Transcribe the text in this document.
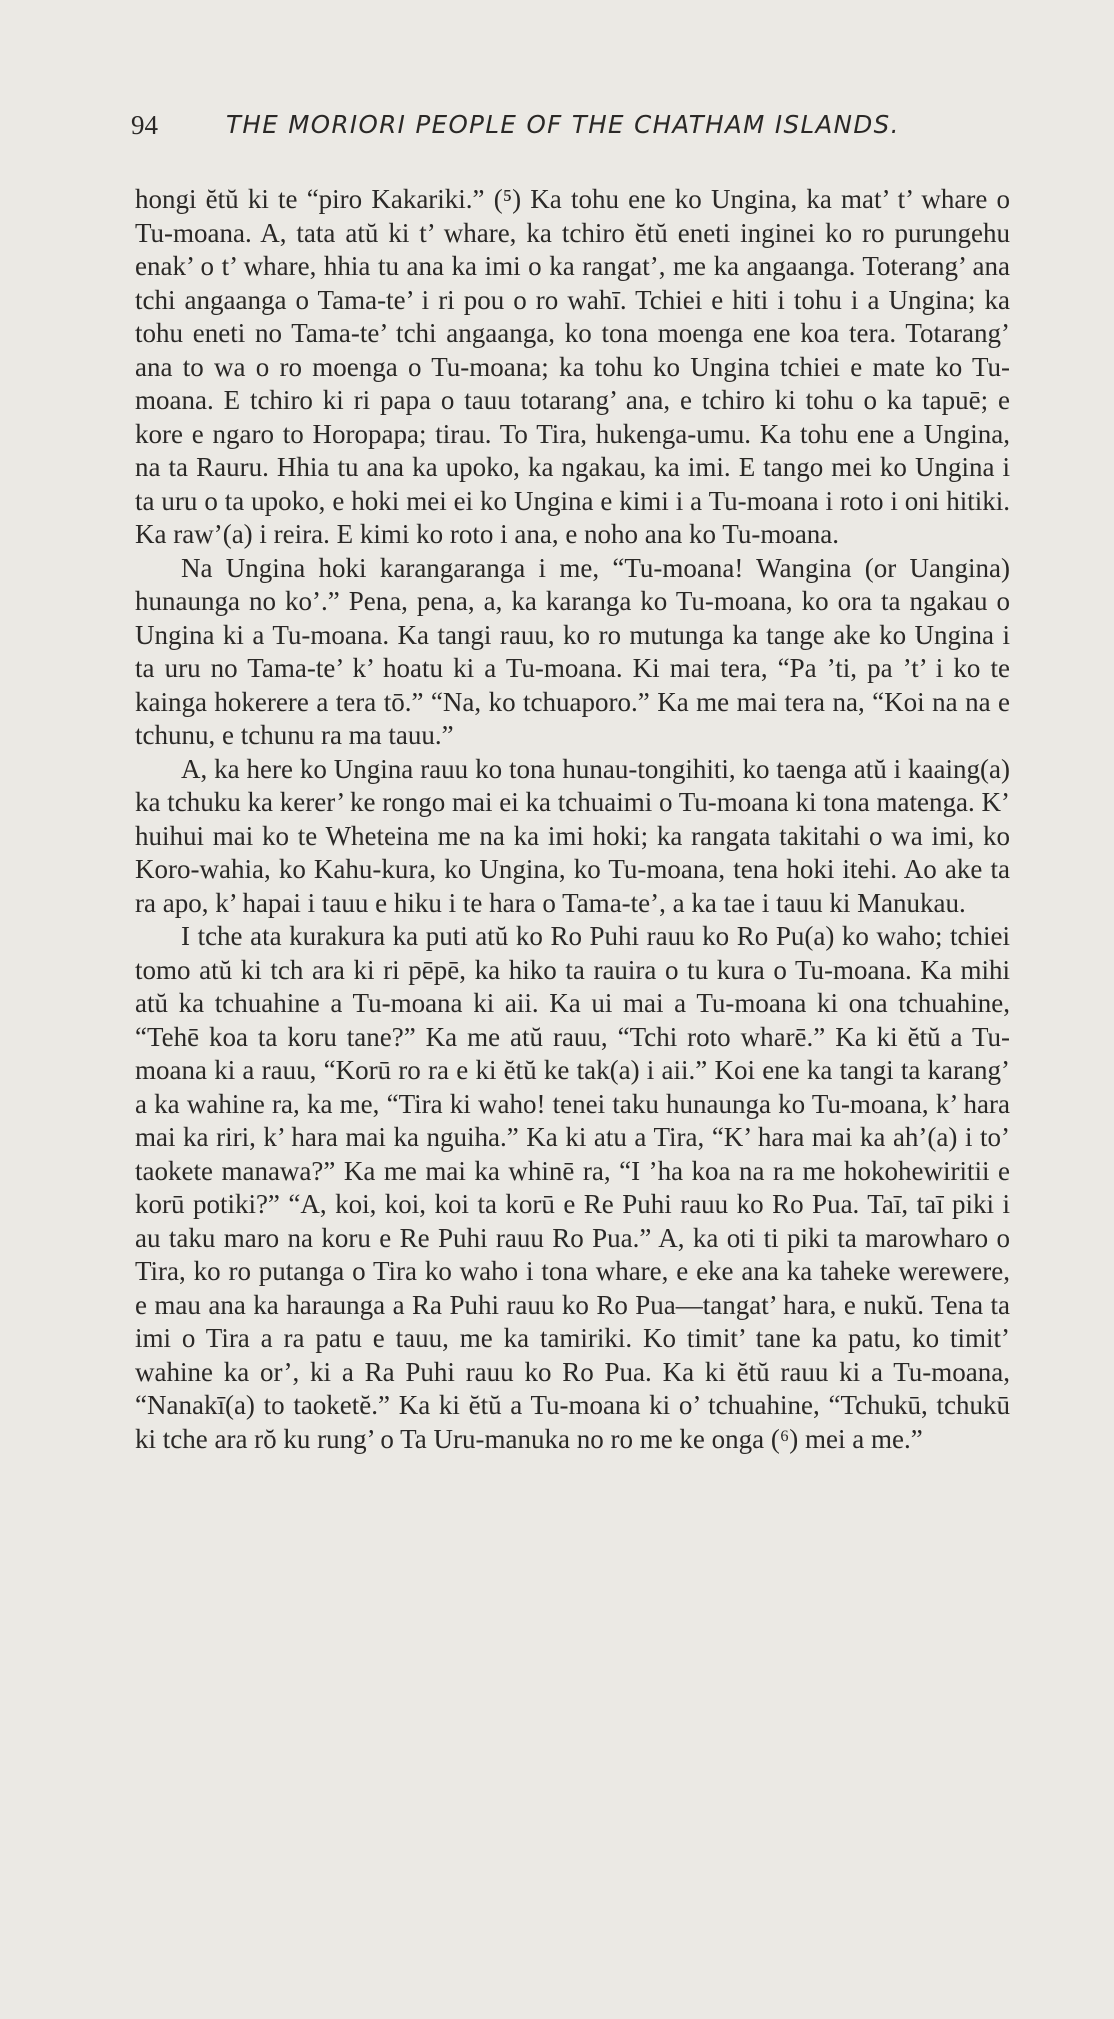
94	THE MORIORI PEOPLE OF THE CHATHAM ISLANDS.

hongi ĕtŭ ki te “piro Kakariki.” (⁵) Ka tohu ene ko Ungina, ka mat’ t’ whare o Tu-moana. A, tata atŭ ki t’ whare, ka tchiro ĕtŭ eneti inginei ko ro purungehu enak’ o t’ whare, hhia tu ana ka imi o ka rangat’, me ka angaanga. Toterang’ ana tchi angaanga o Tama-te’ i ri pou o ro wahī. Tchiei e hiti i tohu i a Ungina; ka tohu eneti no Tama-te’ tchi angaanga, ko tona moenga ene koa tera. Totarang’ ana to wa o ro moenga o Tu-moana; ka tohu ko Ungina tchiei e mate ko Tu-moana. E tchiro ki ri papa o tauu totarang’ ana, e tchiro ki tohu o ka tapuē; e kore e ngaro to Horopapa; tirau. To Tira, hukenga-umu. Ka tohu ene a Ungina, na ta Rauru. Hhia tu ana ka upoko, ka ngakau, ka imi. E tango mei ko Ungina i ta uru o ta upoko, e hoki mei ei ko Ungina e kimi i a Tu-moana i roto i oni hitiki. Ka raw’(a) i reira. E kimi ko roto i ana, e noho ana ko Tu-moana.

Na Ungina hoki karangaranga i me, “Tu-moana! Wangina (or Uangina) hunaunga no ko’.” Pena, pena, a, ka karanga ko Tu-moana, ko ora ta ngakau o Ungina ki a Tu-moana. Ka tangi rauu, ko ro mutunga ka tange ake ko Ungina i ta uru no Tama-te’ k’ hoatu ki a Tu-moana. Ki mai tera, “Pa ’ti, pa ’t’ i ko te kainga hokerere a tera tō.” “Na, ko tchuaporo.” Ka me mai tera na, “Koi na na e tchunu, e tchunu ra ma tauu.”

A, ka here ko Ungina rauu ko tona hunau-tongihiti, ko taenga atŭ i kaaing(a) ka tchuku ka kerer’ ke rongo mai ei ka tchuaimi o Tu-moana ki tona matenga. K’ huihui mai ko te Wheteina me na ka imi hoki; ka rangata takitahi o wa imi, ko Koro-wahia, ko Kahu-kura, ko Ungina, ko Tu-moana, tena hoki itehi. Ao ake ta ra apo, k’ hapai i tauu e hiku i te hara o Tama-te’, a ka tae i tauu ki Manukau.

I tche ata kurakura ka puti atŭ ko Ro Puhi rauu ko Ro Pu(a) ko waho; tchiei tomo atŭ ki tch ara ki ri pēpē, ka hiko ta rauira o tu kura o Tu-moana. Ka mihi atŭ ka tchuahine a Tu-moana ki aii. Ka ui mai a Tu-moana ki ona tchuahine, “Tehē koa ta koru tane?” Ka me atŭ rauu, “Tchi roto wharē.” Ka ki ĕtŭ a Tu-moana ki a rauu, “Korū ro ra e ki ĕtŭ ke tak(a) i aii.” Koi ene ka tangi ta karang’ a ka wahine ra, ka me, “Tira ki waho! tenei taku hunaunga ko Tu-moana, k’ hara mai ka riri, k’ hara mai ka nguiha.” Ka ki atu a Tira, “K’ hara mai ka ah’(a) i to’ taokete manawa?” Ka me mai ka whinē ra, “I ’ha koa na ra me hokohewiritii e korū potiki?” “A, koi, koi, koi ta korū e Re Puhi rauu ko Ro Pua. Taī, taī piki i au taku maro na koru e Re Puhi rauu Ro Pua.” A, ka oti ti piki ta marowharo o Tira, ko ro putanga o Tira ko waho i tona whare, e eke ana ka taheke werewere, e mau ana ka haraunga a Ra Puhi rauu ko Ro Pua—tangat’ hara, e nukŭ. Tena ta imi o Tira a ra patu e tauu, me ka tamiriki. Ko timit’ tane ka patu, ko timit’ wahine ka or’, ki a Ra Puhi rauu ko Ro Pua. Ka ki ĕtŭ rauu ki a Tu-moana, “Nanakī(a) to taoketĕ.” Ka ki ĕtŭ a Tu-moana ki o’ tchuahine, “Tchukū, tchukū ki tche ara rŏ ku rung’ o Ta Uru-manuka no ro me ke onga (⁶) mei a me.”
